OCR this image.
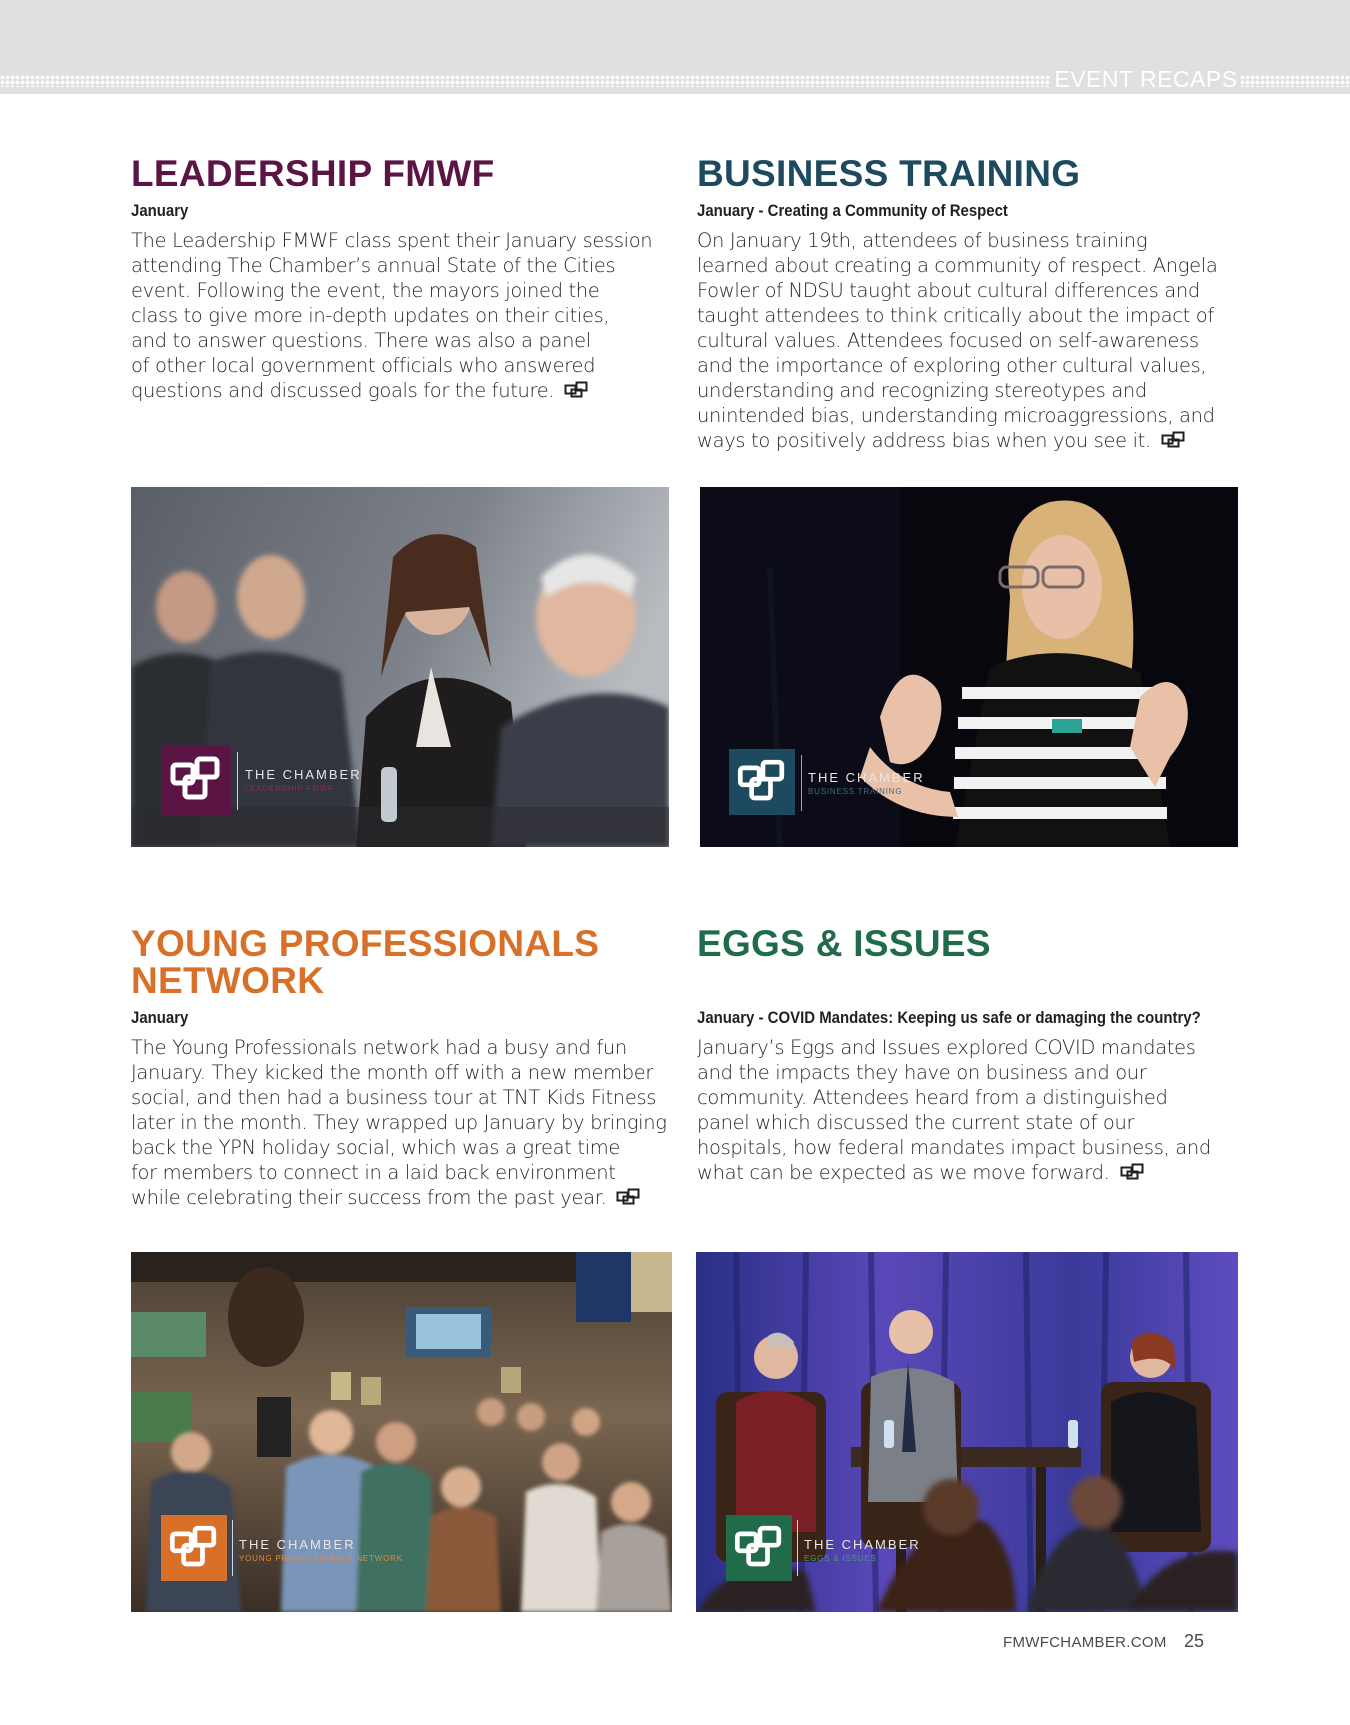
EVENT RECAPS
LEADERSHIP FMWF
January

The Leadership FMWF class spent their January session

attending The Chamber’s annual State of the Cities

event. Following the event, the mayors joined the

class to give more in-depth updates on their cities,

and to answer questions. There was also a panel

of other local government officials who answered

questions and discussed goals for the future.

BUSINESS TRAINING
January - Creating a Community of Respect

On January 19th, attendees of business training

learned about creating a community of respect. Angela

Fowler of NDSU taught about cultural differences and

taught attendees to think critically about the impact of

cultural values. Attendees focused on self-awareness

and the importance of exploring other cultural values,

understanding and recognizing stereotypes and

unintended bias, understanding microaggressions, and

ways to positively address bias when you see it.

THE CHAMBER
LEADERSHIP FMWF
THE CHAMBER
BUSINESS TRAINING
YOUNG PROFESSIONALS
NETWORK
January

The Young Professionals network had a busy and fun

January. They kicked the month off with a new member

social, and then had a business tour at TNT Kids Fitness

later in the month. They wrapped up January by bringing

back the YPN holiday social, which was a great time

for members to connect in a laid back environment

while celebrating their success from the past year.

EGGS & ISSUES
January - COVID Mandates: Keeping us safe or damaging the country?

January’s Eggs and Issues explored COVID mandates

and the impacts they have on business and our

community. Attendees heard from a distinguished

panel which discussed the current state of our

hospitals, how federal mandates impact business, and

what can be expected as we move forward.

THE CHAMBER
YOUNG PROFESSIONALS NETWORK
THE CHAMBER
EGGS & ISSUES
FMWFCHAMBER.COM 25
